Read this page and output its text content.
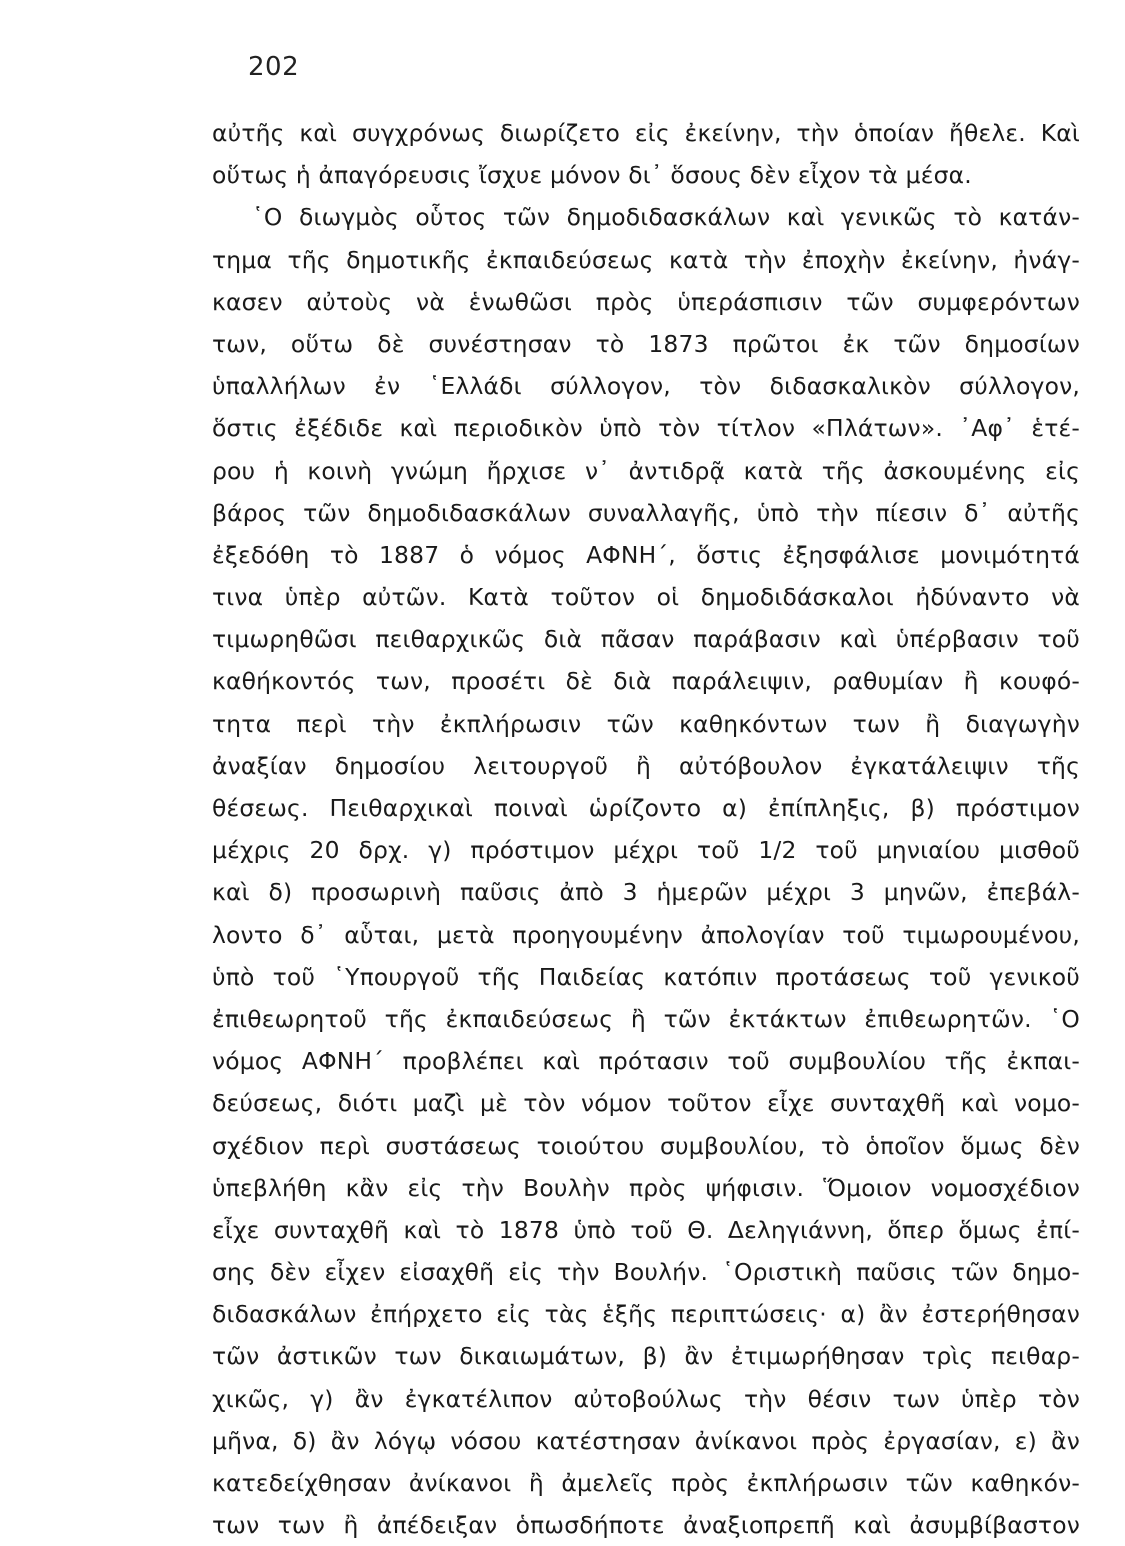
202
αὐτῆς καὶ συγχρόνως διωρίζετο εἰς ἐκείνην, τὴν ὁποίαν ἤθελε. Καὶ
οὕτως ἡ ἀπαγόρευσις ἴσχυε μόνον δι᾽ ὅσους δὲν εἶχον τὰ μέσα.
῾Ο διωγμὸς οὗτος τῶν δημοδιδασκάλων καὶ γενικῶς τὸ κατάν-
τημα τῆς δημοτικῆς ἐκπαιδεύσεως κατὰ τὴν ἐποχὴν ἐκείνην, ἠνάγ-
κασεν αὐτοὺς νὰ ἑνωθῶσι πρὸς ὑπεράσπισιν τῶν συμφερόντων
των, οὕτω δὲ συνέστησαν τὸ 1873 πρῶτοι ἐκ τῶν δημοσίων
ὑπαλλήλων ἐν ῾Ελλάδι σύλλογον, τὸν διδασκαλικὸν σύλλογον,
ὅστις ἐξέδιδε καὶ περιοδικὸν ὑπὸ τὸν τίτλον «Πλάτων». ᾽Αφ᾽ ἑτέ-
ρου ἡ κοινὴ γνώμη ἤρχισε ν᾽ ἀντιδρᾷ κατὰ τῆς ἀσκουμένης εἰς
βάρος τῶν δημοδιδασκάλων συναλλαγῆς, ὑπὸ τὴν πίεσιν δ᾽ αὐτῆς
ἐξεδόθη τὸ 1887 ὁ νόμος ΑΦΝΗ΄, ὅστις ἐξησφάλισε μονιμότητά
τινα ὑπὲρ αὐτῶν. Κατὰ τοῦτον οἱ δημοδιδάσκαλοι ἠδύναντο νὰ
τιμωρηθῶσι πειθαρχικῶς διὰ πᾶσαν παράβασιν καὶ ὑπέρβασιν τοῦ
καθήκοντός των, προσέτι δὲ διὰ παράλειψιν, ραθυμίαν ἢ κουφό-
τητα περὶ τὴν ἐκπλήρωσιν τῶν καθηκόντων των ἢ διαγωγὴν
ἀναξίαν δημοσίου λειτουργοῦ ἢ αὐτόβουλον ἐγκατάλειψιν τῆς
θέσεως. Πειθαρχικαὶ ποιναὶ ὡρίζοντο α) ἐπίπληξις, β) πρόστιμον
μέχρις 20 δρχ. γ) πρόστιμον μέχρι τοῦ 1/2 τοῦ μηνιαίου μισθοῦ
καὶ δ) προσωρινὴ παῦσις ἀπὸ 3 ἡμερῶν μέχρι 3 μηνῶν, ἐπεβάλ-
λοντο δ᾽ αὗται, μετὰ προηγουμένην ἀπολογίαν τοῦ τιμωρουμένου,
ὑπὸ τοῦ ῾Υπουργοῦ τῆς Παιδείας κατόπιν προτάσεως τοῦ γενικοῦ
ἐπιθεωρητοῦ τῆς ἐκπαιδεύσεως ἢ τῶν ἐκτάκτων ἐπιθεωρητῶν. ῾Ο
νόμος ΑΦΝΗ΄ προβλέπει καὶ πρότασιν τοῦ συμβουλίου τῆς ἐκπαι-
δεύσεως, διότι μαζὶ μὲ τὸν νόμον τοῦτον εἶχε συνταχθῆ καὶ νομο-
σχέδιον περὶ συστάσεως τοιούτου συμβουλίου, τὸ ὁποῖον ὅμως δὲν
ὑπεβλήθη κἂν εἰς τὴν Βουλὴν πρὸς ψήφισιν. Ὅμοιον νομοσχέδιον
εἶχε συνταχθῆ καὶ τὸ 1878 ὑπὸ τοῦ Θ. Δεληγιάννη, ὅπερ ὅμως ἐπί-
σης δὲν εἶχεν εἰσαχθῆ εἰς τὴν Βουλήν. ῾Οριστικὴ παῦσις τῶν δημο-
διδασκάλων ἐπήρχετο εἰς τὰς ἑξῆς περιπτώσεις· α) ἂν ἐστερήθησαν
τῶν ἀστικῶν των δικαιωμάτων, β) ἂν ἐτιμωρήθησαν τρὶς πειθαρ-
χικῶς, γ) ἂν ἐγκατέλιπον αὐτοβούλως τὴν θέσιν των ὑπὲρ τὸν
μῆνα, δ) ἂν λόγῳ νόσου κατέστησαν ἀνίκανοι πρὸς ἐργασίαν, ε) ἂν
κατεδείχθησαν ἀνίκανοι ἢ ἀμελεῖς πρὸς ἐκπλήρωσιν τῶν καθηκόν-
των των ἢ ἀπέδειξαν ὁπωσδήποτε ἀναξιοπρεπῆ καὶ ἀσυμβίβαστον
